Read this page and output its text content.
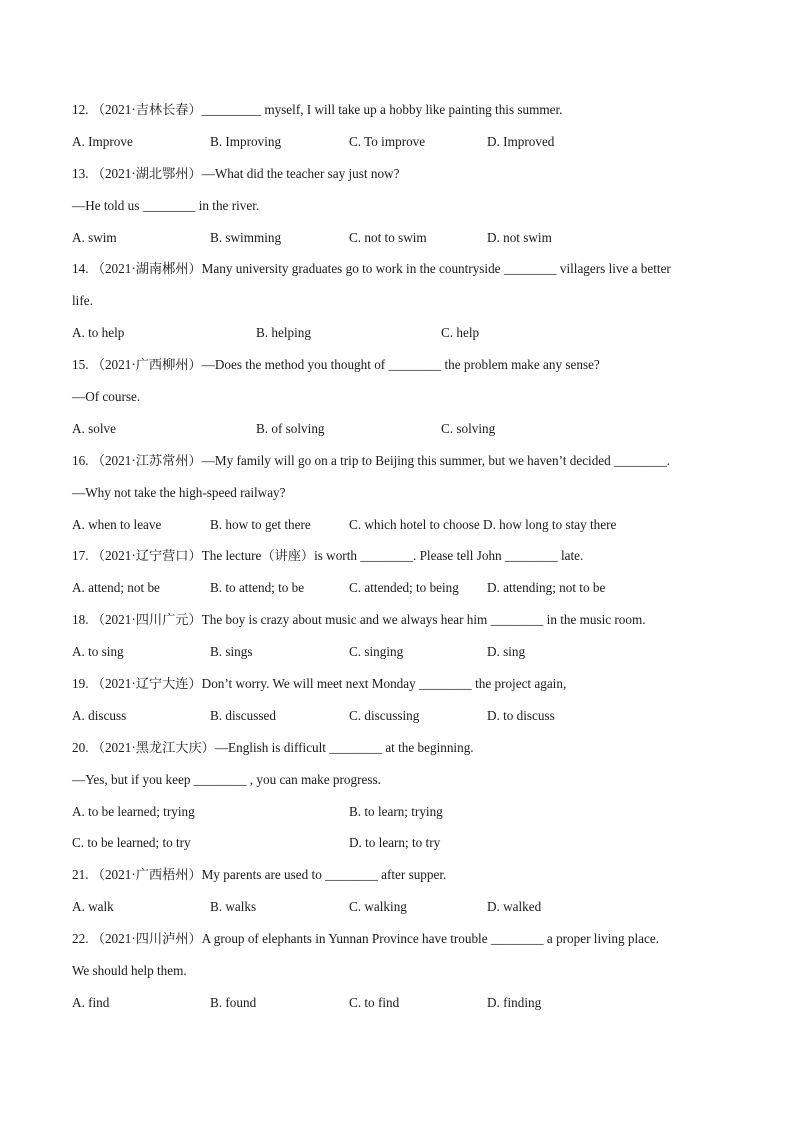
12. （2021·吉林长春）_________ myself, I will take up a hobby like painting this summer.
A. Improve	B. Improving	C. To improve	D. Improved
13. （2021·湖北鄂州）—What did the teacher say just now?
—He told us ________ in the river.
A. swim	B. swimming	C. not to swim	D. not swim
14. （2021·湖南郴州）Many university graduates go to work in the countryside ________ villagers live a better
life.
A. to help	B. helping	C. help
15. （2021·广西柳州）—Does the method you thought of ________ the problem make any sense?
—Of course.
A. solve	B. of solving	C. solving
16. （2021·江苏常州）—My family will go on a trip to Beijing this summer, but we haven’t decided ________.
—Why not take the high-speed railway?
A. when to leave	B. how to get there	C. which hotel to choose D. how long to stay there
17. （2021·辽宁营口）The lecture（讲座）is worth ________. Please tell John ________ late.
A. attend; not be	B. to attend; to be	C. attended; to being D. attending; not to be
18. （2021·四川广元）The boy is crazy about music and we always hear him ________ in the music room.
A. to sing	B. sings	C. singing	D. sing
19. （2021·辽宁大连）Don’t worry. We will meet next Monday ________ the project again,
A. discuss	B. discussed	C. discussing	D. to discuss
20. （2021·黑龙江大庆）—English is difficult ________ at the beginning.
—Yes, but if you keep ________ , you can make progress.
A. to be learned; trying	B. to learn; trying
C. to be learned; to try	D. to learn; to try
21. （2021·广西梧州）My parents are used to ________ after supper.
A. walk	B. walks	C. walking	D. walked
22. （2021·四川泸州）A group of elephants in Yunnan Province have trouble ________ a proper living place.
We should help them.
A. find	B. found	C. to find	D. finding
